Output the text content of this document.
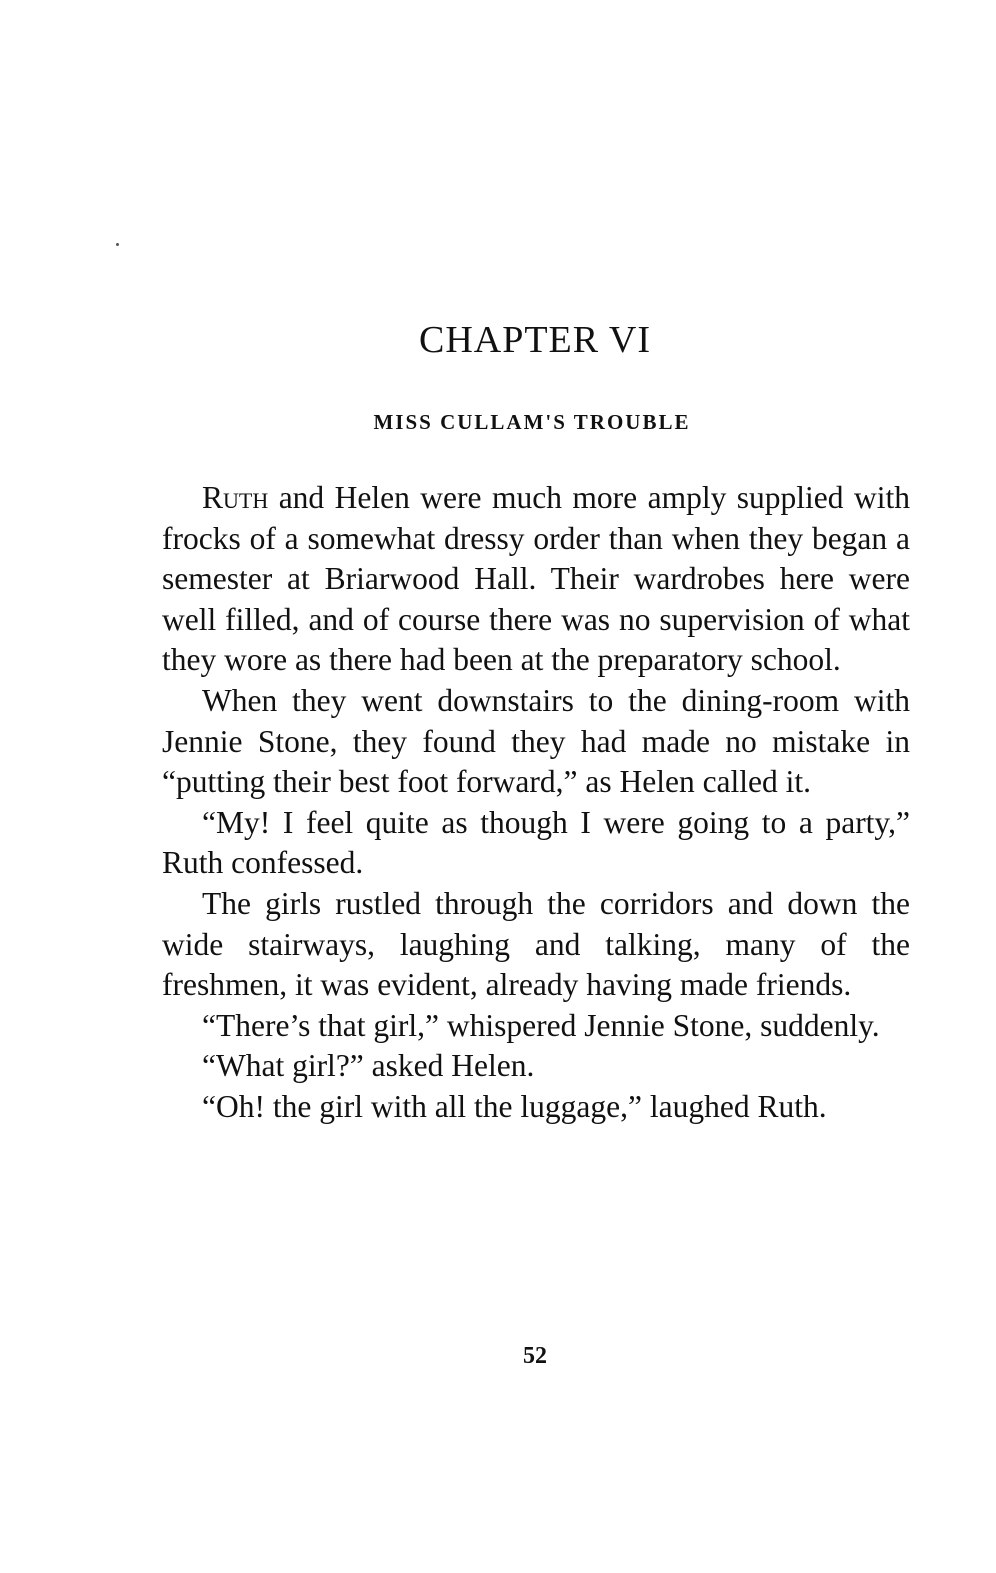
CHAPTER VI
MISS CULLAM'S TROUBLE

Ruth and Helen were much more amply supplied with frocks of a somewhat dressy order than when they began a semester at Briarwood Hall. Their wardrobes here were well filled, and of course there was no supervision of what they wore as there had been at the preparatory school.

When they went downstairs to the dining-room with Jennie Stone, they found they had made no mistake in “putting their best foot forward,” as Helen called it.

“My! I feel quite as though I were going to a party,” Ruth confessed.

The girls rustled through the corridors and down the wide stairways, laughing and talking, many of the freshmen, it was evident, already having made friends.

“There’s that girl,” whispered Jennie Stone, suddenly.

“What girl?” asked Helen.

“Oh! the girl with all the luggage,” laughed Ruth.

52
